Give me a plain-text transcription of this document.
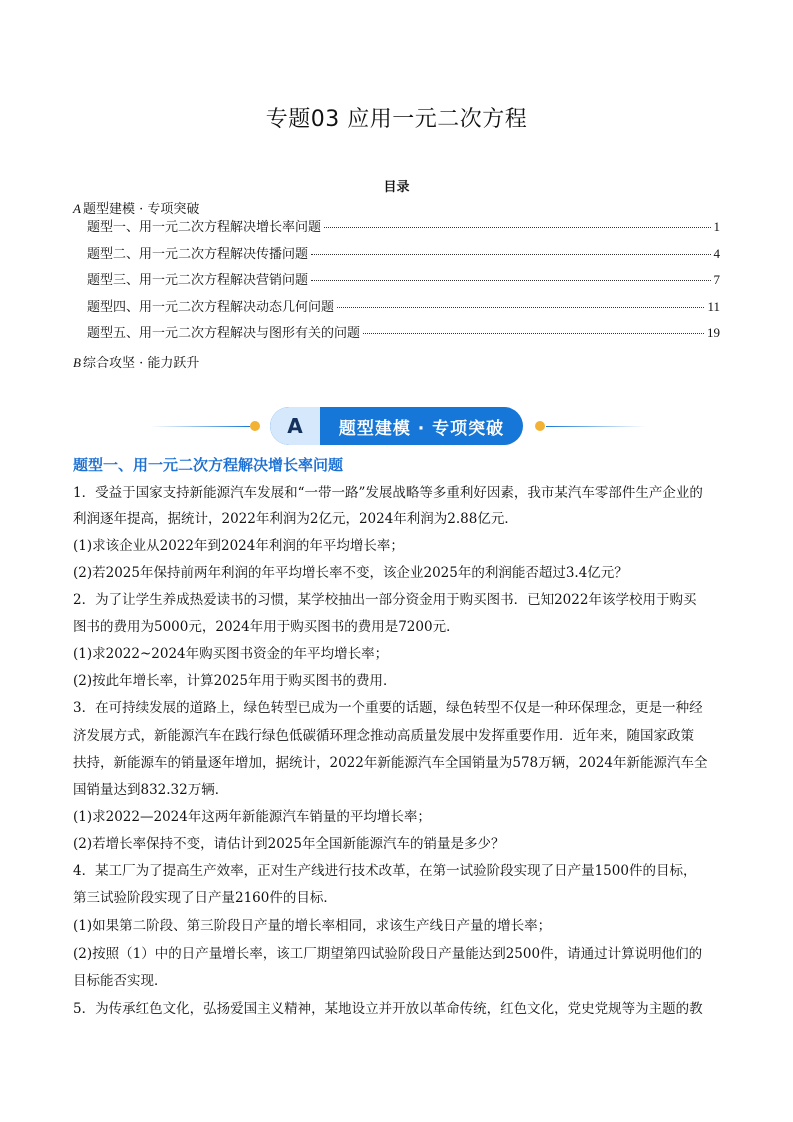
专题03 应用一元二次方程
目录
A 题型建模 · 专项突破
题型一、用一元二次方程解决增长率问题	1
题型二、用一元二次方程解决传播问题	4
题型三、用一元二次方程解决营销问题	7
题型四、用一元二次方程解决动态几何问题	11
题型五、用一元二次方程解决与图形有关的问题	19
B 综合攻坚 · 能力跃升
A	题型建模 · 专项突破
题型一、用一元二次方程解决增长率问题
1．受益于国家支持新能源汽车发展和“一带一路”发展战略等多重利好因素，我市某汽车零部件生产企业的
利润逐年提高，据统计，2022年利润为2亿元，2024年利润为2.88亿元．
(1)求该企业从2022年到2024年利润的年平均增长率；
(2)若2025年保持前两年利润的年平均增长率不变，该企业2025年的利润能否超过3.4亿元？
2．为了让学生养成热爱读书的习惯，某学校抽出一部分资金用于购买图书．已知2022年该学校用于购买
图书的费用为5000元，2024年用于购买图书的费用是7200元．
(1)求2022~2024年购买图书资金的年平均增长率；
(2)按此年增长率，计算2025年用于购买图书的费用．
3．在可持续发展的道路上，绿色转型已成为一个重要的话题，绿色转型不仅是一种环保理念，更是一种经
济发展方式，新能源汽车在践行绿色低碳循环理念推动高质量发展中发挥重要作用．近年来，随国家政策
扶持，新能源车的销量逐年增加，据统计，2022年新能源汽车全国销量为578万辆，2024年新能源汽车全
国销量达到832.32万辆．
(1)求2022—2024年这两年新能源汽车销量的平均增长率；
(2)若增长率保持不变，请估计到2025年全国新能源汽车的销量是多少？
4．某工厂为了提高生产效率，正对生产线进行技术改革，在第一试验阶段实现了日产量1500件的目标，
第三试验阶段实现了日产量2160件的目标．
(1)如果第二阶段、第三阶段日产量的增长率相同，求该生产线日产量的增长率；
(2)按照（1）中的日产量增长率，该工厂期望第四试验阶段日产量能达到2500件，请通过计算说明他们的
目标能否实现．
5．为传承红色文化，弘扬爱国主义精神，某地设立并开放以革命传统，红色文化，党史党规等为主题的教
